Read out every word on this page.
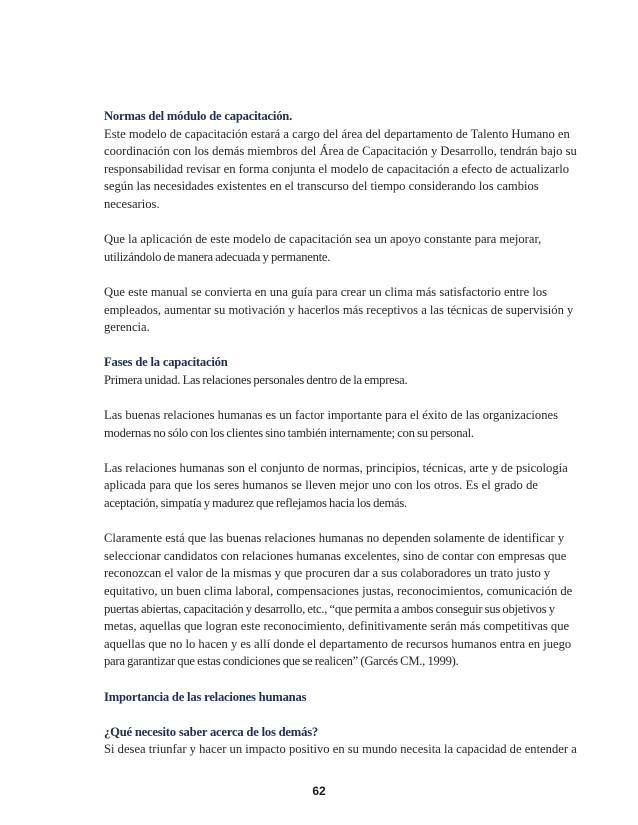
Normas del módulo de capacitación.

Este modelo de capacitación estará a cargo del área del departamento de Talento Humano en
coordinación con los demás miembros del Área de Capacitación y Desarrollo, tendrán bajo su
responsabilidad revisar en forma conjunta el modelo de capacitación a efecto de actualizarlo
según las necesidades existentes en el transcurso del tiempo considerando los cambios
necesarios.

Que la aplicación de este modelo de capacitación sea un apoyo constante para mejorar,
utilizándolo de manera adecuada y permanente.

Que este manual se convierta en una guía para crear un clima más satisfactorio entre los
empleados, aumentar su motivación y hacerlos más receptivos a las técnicas de supervisión y
gerencia.

Fases de la capacitación

Primera unidad. Las relaciones personales dentro de la empresa.

Las buenas relaciones humanas es un factor importante para el éxito de las organizaciones
modernas no sólo con los clientes sino también internamente; con su personal.

Las relaciones humanas son el conjunto de normas, principios, técnicas, arte y de psicología
aplicada para que los seres humanos se lleven mejor uno con los otros. Es el grado de
aceptación, simpatía y madurez que reflejamos hacia los demás.

Claramente está que las buenas relaciones humanas no dependen solamente de identificar y
seleccionar candidatos con relaciones humanas excelentes, sino de contar con empresas que
reconozcan el valor de la mismas y que procuren dar a sus colaboradores un trato justo y
equitativo, un buen clima laboral, compensaciones justas, reconocimientos, comunicación de
puertas abiertas, capacitación y desarrollo, etc., “que permita a ambos conseguir sus objetivos y
metas, aquellas que logran este reconocimiento, definitivamente serán más competitivas que
aquellas que no lo hacen y es allí donde el departamento de recursos humanos entra en juego
para garantizar que estas condiciones que se realicen” (Garcés CM., 1999).

Importancia de las relaciones humanas
¿Qué necesito saber acerca de los demás?

Si desea triunfar y hacer un impacto positivo en su mundo necesita la capacidad de entender a

62
